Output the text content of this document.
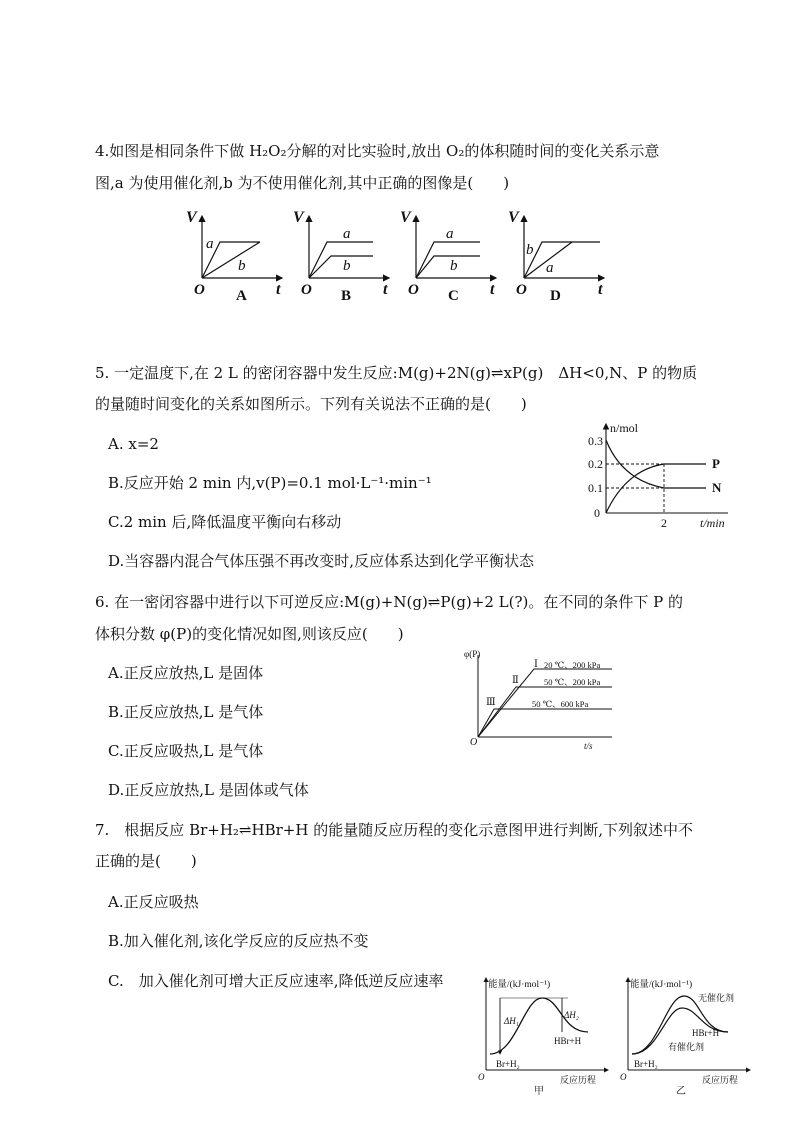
4.如图是相同条件下做 H₂O₂分解的对比实验时,放出 O₂的体积随时间的变化关系示意
图,a 为使用催化剂,b 为不使用催化剂,其中正确的图像是(　　)
V
t
O
a
b
A
V
t
O
a
b
B
V
t
O
a
b
C
V
t
O
b
a
D
5. 一定温度下,在 2 L 的密闭容器中发生反应:M(g)+2N(g)⇌xP(g)　ΔH<0,N、P 的物质
的量随时间变化的关系如图所示。下列有关说法不正确的是(　　)
A. x=2
B.反应开始 2 min 内,v(P)=0.1 mol·L⁻¹·min⁻¹
C.2 min 后,降低温度平衡向右移动
D.当容器内混合气体压强不再改变时,反应体系达到化学平衡状态
n/mol
0.3
0.2
0.1
0
2	t/min
P
N
6. 在一密闭容器中进行以下可逆反应:M(g)+N(g)⇌P(g)+2 L(?)。在不同的条件下 P 的
体积分数 φ(P)的变化情况如图,则该反应(　　)
A.正反应放热,L 是固体
B.正反应放热,L 是气体
C.正反应吸热,L 是气体
D.正反应放热,L 是固体或气体
φ(P)
O	t/s
Ⅰ 20 ℃、200 kPa
Ⅱ	50 ℃、200 kPa
Ⅲ	50 ℃、600 kPa
7.　根据反应 Br+H₂⇌HBr+H 的能量随反应历程的变化示意图甲进行判断,下列叙述中不
正确的是(　　)
A.正反应吸热
B.加入催化剂,该化学反应的反应热不变
C.　加入催化剂可增大正反应速率,降低逆反应速率	能量/(kJ·mol⁻¹)
ΔH₁
ΔH₂
Br+H₂
HBr+H
O	反应历程
甲
能量/(kJ·mol⁻¹)
无催化剂
HBr+H
有催化剂
Br+H₂
O	反应历程
乙
